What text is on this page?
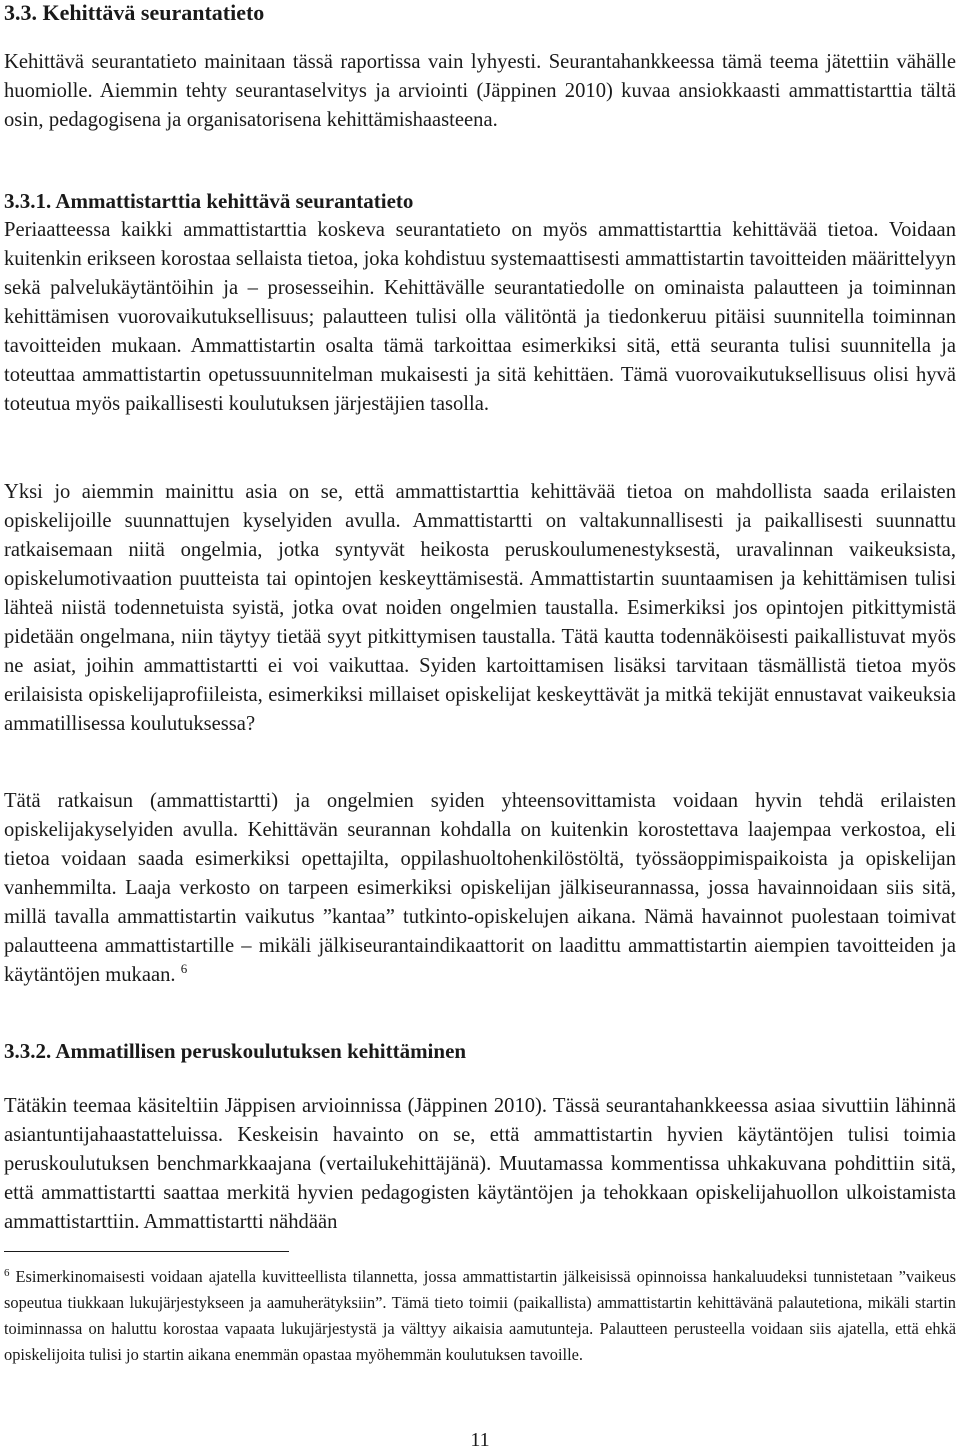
3.3. Kehittävä seurantatieto

Kehittävä seurantatieto mainitaan tässä raportissa vain lyhyesti. Seurantahankkeessa tämä teema jätettiin vähälle huomiolle. Aiemmin tehty seurantaselvitys ja arviointi (Jäppinen 2010) kuvaa ansiokkaasti ammattistarttia tältä osin, pedagogisena ja organisatorisena kehittämishaasteena.

3.3.1. Ammattistarttia kehittävä seurantatieto

Periaatteessa kaikki ammattistarttia koskeva seurantatieto on myös ammattistarttia kehittävää tietoa. Voidaan kuitenkin erikseen korostaa sellaista tietoa, joka kohdistuu systemaattisesti ammattistartin tavoitteiden määrittelyyn sekä palvelukäytäntöihin ja – prosesseihin. Kehittävälle seurantatiedolle on ominaista palautteen ja toiminnan kehittämisen vuorovaikutuksellisuus; palautteen tulisi olla välitöntä ja tiedonkeruu pitäisi suunnitella toiminnan tavoitteiden mukaan. Ammattistartin osalta tämä tarkoittaa esimerkiksi sitä, että seuranta tulisi suunnitella ja toteuttaa ammattistartin opetussuunnitelman mukaisesti ja sitä kehittäen. Tämä vuorovaikutuksellisuus olisi hyvä toteutua myös paikallisesti koulutuksen järjestäjien tasolla.

Yksi jo aiemmin mainittu asia on se, että ammattistarttia kehittävää tietoa on mahdollista saada erilaisten opiskelijoille suunnattujen kyselyiden avulla. Ammattistartti on valtakunnallisesti ja paikallisesti suunnattu ratkaisemaan niitä ongelmia, jotka syntyvät heikosta peruskoulumenestyksestä, uravalinnan vaikeuksista, opiskelumotivaation puutteista tai opintojen keskeyttämisestä. Ammattistartin suuntaamisen ja kehittämisen tulisi lähteä niistä todennetuista syistä, jotka ovat noiden ongelmien taustalla. Esimerkiksi jos opintojen pitkittymistä pidetään ongelmana, niin täytyy tietää syyt pitkittymisen taustalla. Tätä kautta todennäköisesti paikallistuvat myös ne asiat, joihin ammattistartti ei voi vaikuttaa. Syiden kartoittamisen lisäksi tarvitaan täsmällistä tietoa myös erilaisista opiskelijaprofiileista, esimerkiksi millaiset opiskelijat keskeyttävät ja mitkä tekijät ennustavat vaikeuksia ammatillisessa koulutuksessa?

Tätä ratkaisun (ammattistartti) ja ongelmien syiden yhteensovittamista voidaan hyvin tehdä erilaisten opiskelijakyselyiden avulla. Kehittävän seurannan kohdalla on kuitenkin korostettava laajempaa verkostoa, eli tietoa voidaan saada esimerkiksi opettajilta, oppilashuoltohenkilöstöltä, työssäoppimispaikoista ja opiskelijan vanhemmilta. Laaja verkosto on tarpeen esimerkiksi opiskelijan jälkiseurannassa, jossa havainnoidaan siis sitä, millä tavalla ammattistartin vaikutus ”kantaa” tutkinto-opiskelujen aikana. Nämä havainnot puolestaan toimivat palautteena ammattistartille – mikäli jälkiseurantaindikaattorit on laadittu ammattistartin aiempien tavoitteiden ja käytäntöjen mukaan. $^6$

3.3.2. Ammatillisen peruskoulutuksen kehittäminen

Tätäkin teemaa käsiteltiin Jäppisen arvioinnissa (Jäppinen 2010). Tässä seurantahankkeessa asiaa sivuttiin lähinnä asiantuntijahaastatteluissa. Keskeisin havainto on se, että ammattistartin hyvien käytäntöjen tulisi toimia peruskoulutuksen benchmarkkaajana (vertailukehittäjänä). Muutamassa kommentissa uhkakuvana pohdittiin sitä, että ammattistartti saattaa merkitä hyvien pedagogisten käytäntöjen ja tehokkaan opiskelijahuollon ulkoistamista ammattistarttiin. Ammattistartti nähdään

$^6$ Esimerkinomaisesti voidaan ajatella kuvitteellista tilannetta, jossa ammattistartin jälkeisissä opinnoissa hankaluudeksi tunnistetaan ”vaikeus sopeutua tiukkaan lukujärjestykseen ja aamuherätyksiin”. Tämä tieto toimii (paikallista) ammattistartin kehittävänä palautetiona, mikäli startin toiminnassa on haluttu korostaa vapaata lukujärjestystä ja välttyy aikaisia aamutunteja. Palautteen perusteella voidaan siis ajatella, että ehkä opiskelijoita tulisi jo startin aikana enemmän opastaa myöhemmän koulutuksen tavoille.

11
